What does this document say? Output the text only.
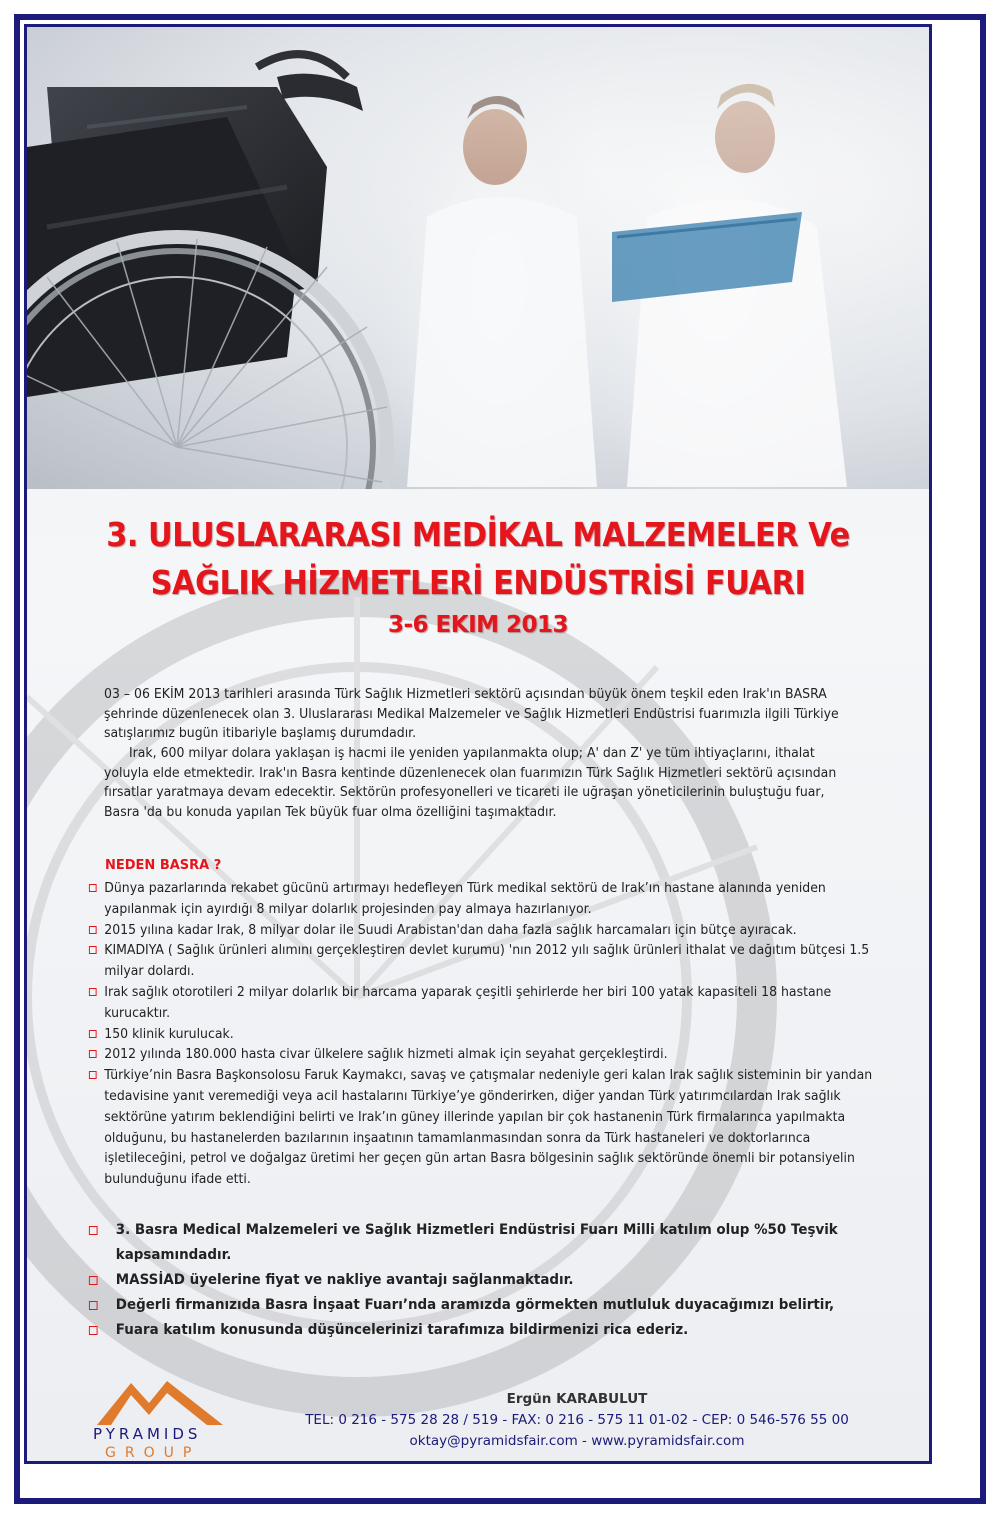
3. ULUSLARARASI MEDİKAL MALZEMELER Ve
SAĞLIK HİZMETLERİ ENDÜSTRİSİ FUARI
3-6 EKIM 2013

03 – 06 EKİM 2013 tarihleri arasında Türk Sağlık Hizmetleri sektörü açısından büyük önem teşkil eden Irak'ın BASRA şehrinde düzenlenecek olan 3. Uluslararası Medikal Malzemeler ve Sağlık Hizmetleri Endüstrisi fuarımızla ilgili Türkiye satışlarımız bugün itibariyle başlamış durumdadır.

Irak, 600 milyar dolara yaklaşan iş hacmi ile yeniden yapılanmakta olup; A' dan Z' ye tüm ihtiyaçlarını, ithalat yoluyla elde etmektedir. Irak'ın Basra kentinde düzenlenecek olan fuarımızın Türk Sağlık Hizmetleri sektörü açısından fırsatlar yaratmaya devam edecektir. Sektörün profesyonelleri ve ticareti ile uğraşan yöneticilerinin buluştuğu fuar, Basra 'da bu konuda yapılan Tek büyük fuar olma özelliğini taşımaktadır.

NEDEN BASRA ?
Dünya pazarlarında rekabet gücünü artırmayı hedefleyen Türk medikal sektörü de Irak’ın hastane alanında yeniden yapılanmak için ayırdığı 8 milyar dolarlık projesinden pay almaya hazırlanıyor.
2015 yılına kadar Irak, 8 milyar dolar ile Suudi Arabistan'dan daha fazla sağlık harcamaları için bütçe ayıracak.
KIMADIYA ( Sağlık ürünleri alımını gerçekleştiren devlet kurumu) 'nın 2012 yılı sağlık ürünleri ithalat ve dağıtım bütçesi 1.5 milyar dolardı.
Irak sağlık otorotileri 2 milyar dolarlık bir harcama yaparak çeşitli şehirlerde her biri 100 yatak kapasiteli 18 hastane kurucaktır.
150 klinik kurulucak.
2012 yılında 180.000 hasta civar ülkelere sağlık hizmeti almak için seyahat gerçekleştirdi.
Türkiye’nin Basra Başkonsolosu Faruk Kaymakcı, savaş ve çatışmalar nedeniyle geri kalan Irak sağlık sisteminin bir yandan tedavisine yanıt veremediği veya acil hastalarını Türkiye’ye gönderirken, diğer yandan Türk yatırımcılardan Irak sağlık sektörüne yatırım beklendiğini belirti ve Irak’ın güney illerinde yapılan bir çok hastanenin Türk firmalarınca yapılmakta olduğunu, bu hastanelerden bazılarının inşaatının tamamlanmasından sonra da Türk hastaneleri ve doktorlarınca işletileceğini, petrol ve doğalgaz üretimi her geçen gün artan Basra bölgesinin sağlık sektöründe önemli bir potansiyelin bulunduğunu ifade etti.
3. Basra Medical Malzemeleri ve Sağlık Hizmetleri Endüstrisi Fuarı Milli katılım olup %50 Teşvik kapsamındadır.
MASSİAD üyelerine fiyat ve nakliye avantajı sağlanmaktadır.
Değerli firmanızıda Basra İnşaat Fuarı’nda aramızda görmekten mutluluk duyacağımızı belirtir,
Fuara katılım konusunda düşüncelerinizi tarafımıza bildirmenizi rica ederiz.

PYRAMIDS

GROUP

Ergün KARABULUT

TEL: 0 216 - 575 28 28 / 519 - FAX: 0 216 - 575 11 01-02 - CEP: 0 546-576 55 00

oktay@pyramidsfair.com - www.pyramidsfair.com
